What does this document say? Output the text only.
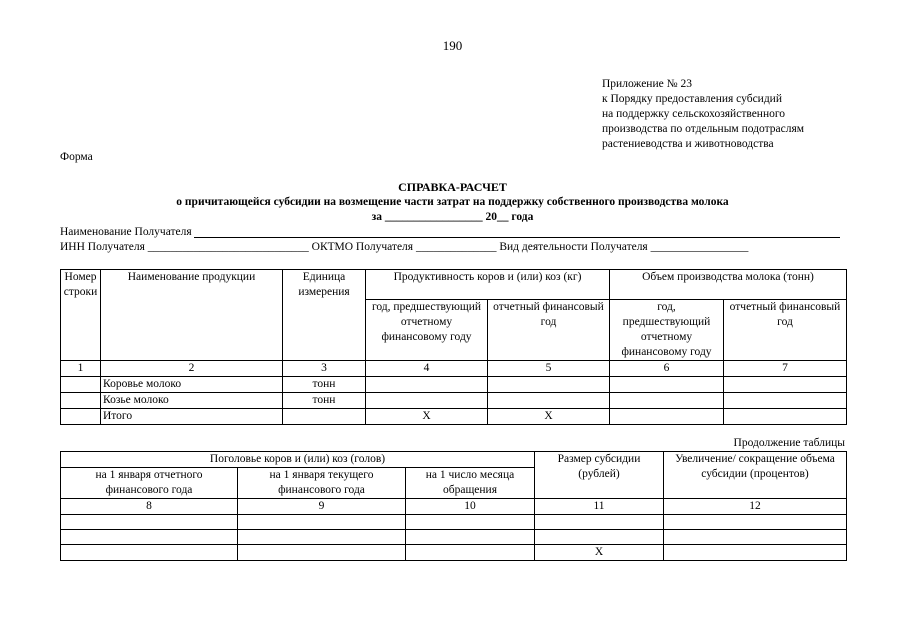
190
Приложение № 23
к Порядку предоставления субсидий
на поддержку сельскохозяйственного
производства по отдельным подотраслям
растениеводства и животноводства
Форма
СПРАВКА-РАСЧЕТ
о причитающейся субсидии на возмещение части затрат на поддержку собственного производства молока
за _________________ 20__ года
Наименование Получателя
ИНН Получателя ____________________________ ОКТМО Получателя ______________ Вид деятельности Получателя _________________
Номер строки	Наименование продукции	Единица измерения	Продуктивность коров и (или) коз (кг)		Объем производства молока (тонн)	
			год, предшествующий отчетному финансовому году	отчетный финансовый год	год, предшествующий отчетному финансовому году	отчетный финансовый год
1	2	3	4	5	6	7
	Коровье молоко	тонн				
	Козье молоко	тонн				
	Итого		Х	Х		
Продолжение таблицы
Поголовье коров и (или) коз (голов)			Размер субсидии (рублей)	Увеличение/ сокращение объема субсидии (процентов)
на 1 января отчетного финансового года	на 1 января текущего финансового года	на 1 число месяца обращения		
8	9	10	11	12

			Х	
